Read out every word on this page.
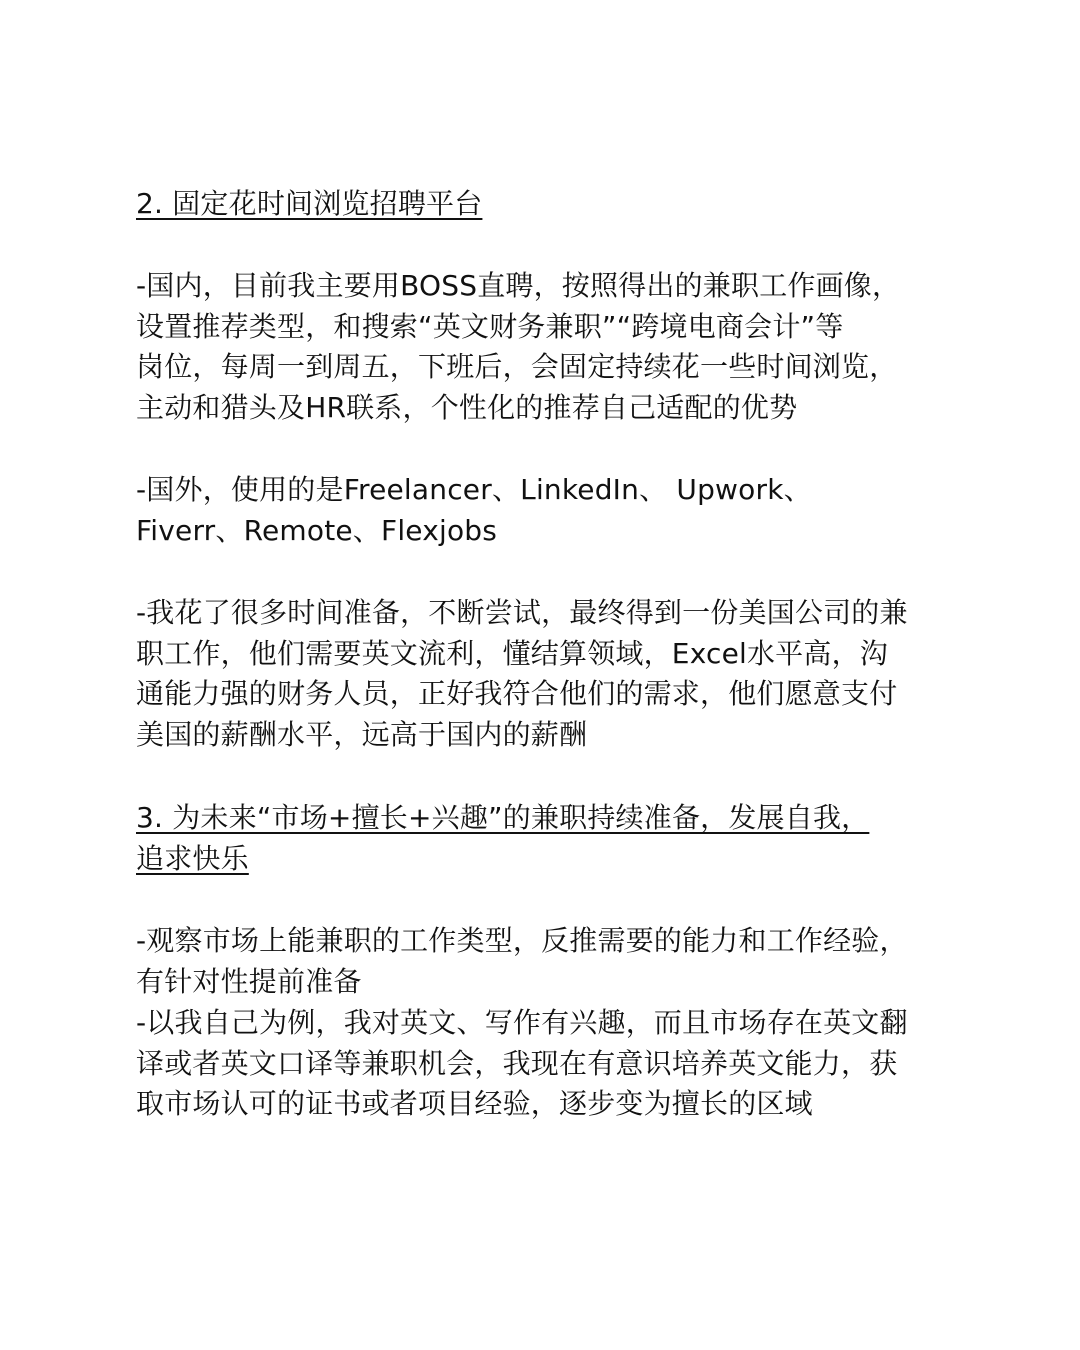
2. 固定花时间浏览招聘平台
-国内，目前我主要用BOSS直聘，按照得出的兼职工作画像，
设置推荐类型，和搜索“英文财务兼职”“跨境电商会计”等
岗位，每周一到周五，下班后，会固定持续花一些时间浏览，
主动和猎头及HR联系，个性化的推荐自己适配的优势
-国外，使用的是Freelancer、LinkedIn、 Upwork、
Fiverr、Remote、Flexjobs
-我花了很多时间准备，不断尝试，最终得到一份美国公司的兼
职工作，他们需要英文流利，懂结算领域，Excel水平高，沟
通能力强的财务人员，正好我符合他们的需求，他们愿意支付
美国的薪酬水平，远高于国内的薪酬
3. 为未来“市场+擅长+兴趣”的兼职持续准备，发展自我，
追求快乐
-观察市场上能兼职的工作类型，反推需要的能力和工作经验，
有针对性提前准备
-以我自己为例，我对英文、写作有兴趣，而且市场存在英文翻
译或者英文口译等兼职机会，我现在有意识培养英文能力，获
取市场认可的证书或者项目经验，逐步变为擅长的区域
